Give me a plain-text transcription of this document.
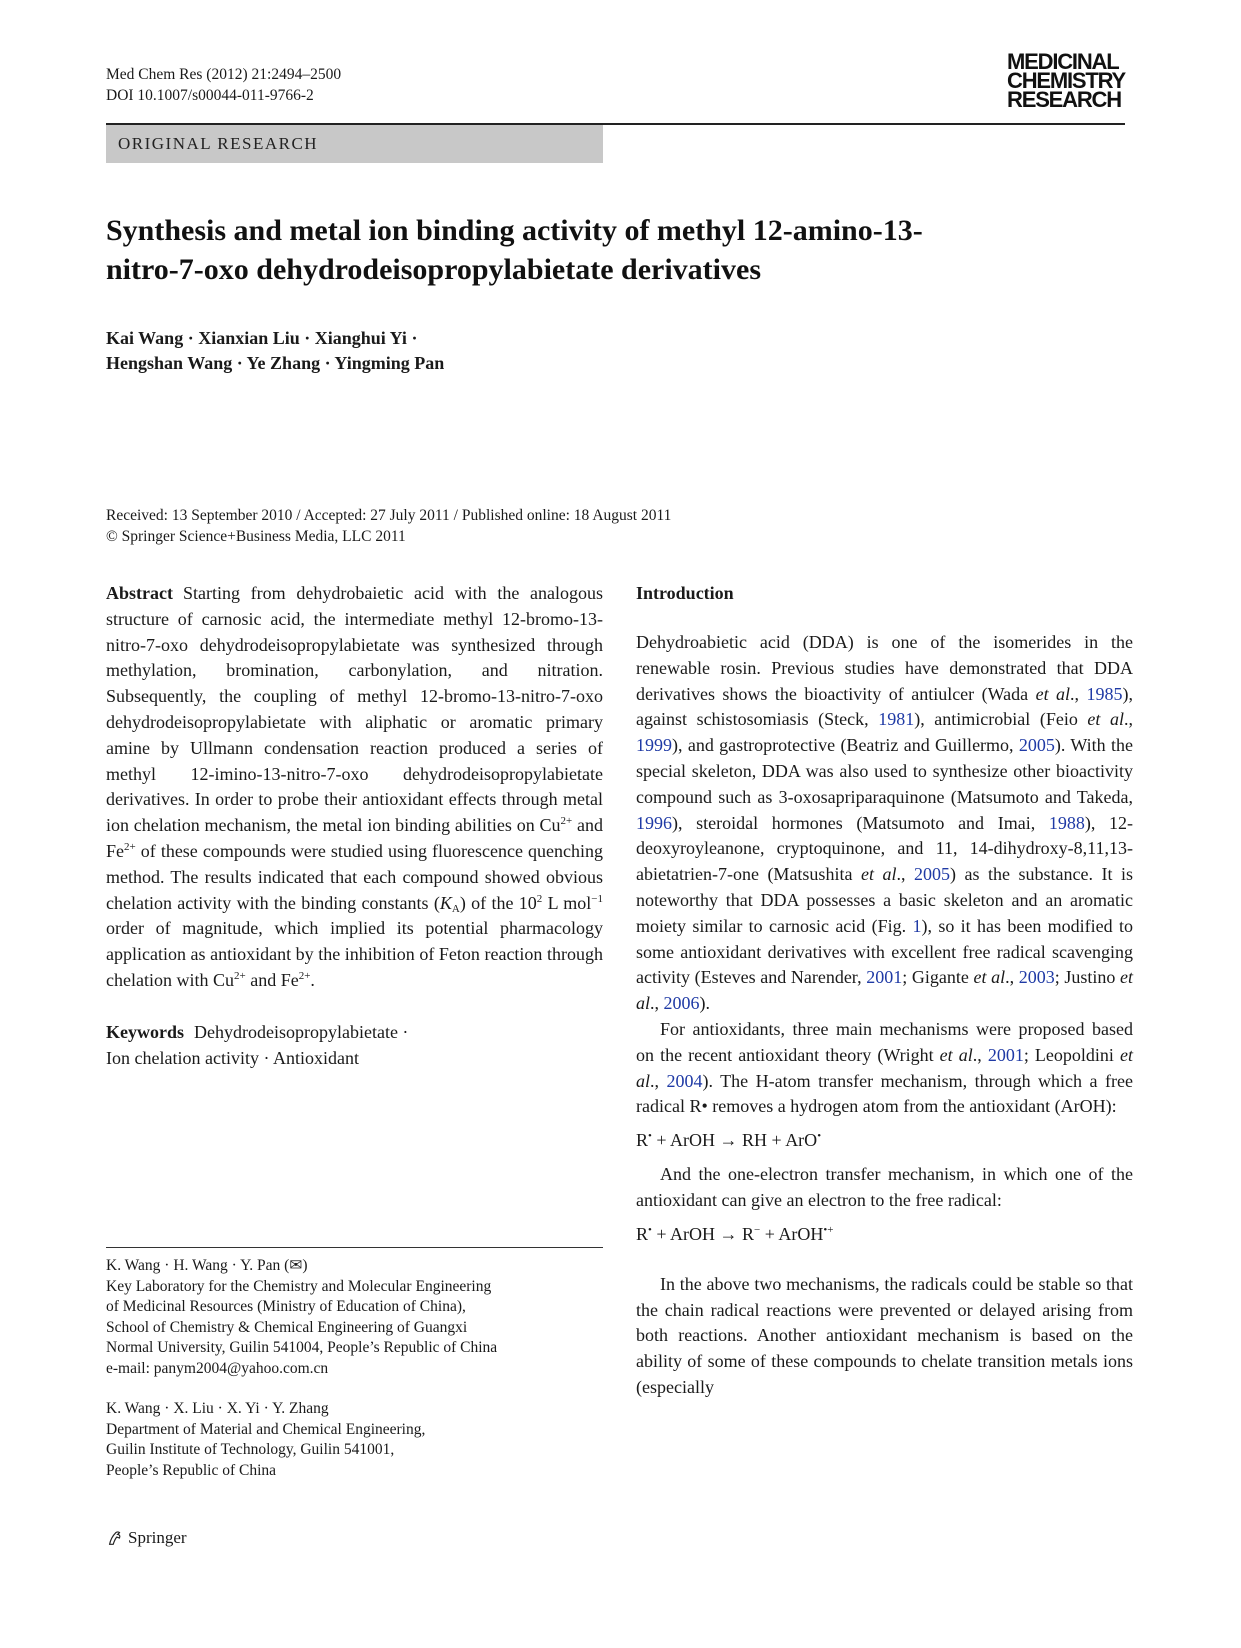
Med Chem Res (2012) 21:2494–2500
DOI 10.1007/s00044-011-9766-2
MEDICINAL
CHEMISTRY
RESEARCH
ORIGINAL RESEARCH
Synthesis and metal ion binding activity of methyl 12-amino-13-
nitro-7-oxo dehydrodeisopropylabietate derivatives
Kai Wang · Xianxian Liu · Xianghui Yi ·
Hengshan Wang · Ye Zhang · Yingming Pan
Received: 13 September 2010 / Accepted: 27 July 2011 / Published online: 18 August 2011
© Springer Science+Business Media, LLC 2011

Abstract Starting from dehydrobaietic acid with the analogous structure of carnosic acid, the intermediate methyl 12-bromo-13-nitro-7-oxo dehydrodeisopropylabietate was synthesized through methylation, bromination, carbonylation, and nitration. Subsequently, the coupling of methyl 12-bromo-13-nitro-7-oxo dehydrodeisopropylabietate with aliphatic or aromatic primary amine by Ullmann condensation reaction produced a series of methyl 12-imino-13-nitro-7-oxo dehydrodeisopropylabietate derivatives. In order to probe their antioxidant effects through metal ion chelation mechanism, the metal ion binding abilities on $Cu^{2+}$ and $Fe^{2+}$ of these compounds were studied using fluorescence quenching method. The results indicated that each compound showed obvious chelation activity with the binding constants $(K_A)$ of the $10^2$ L mol$^{-1}$ order of magnitude, which implied its potential pharmacology application as antioxidant by the inhibition of Feton reaction through chelation with $Cu^{2+}$ and $Fe^{2+}$.

Keywords Dehydrodeisopropylabietate ·
Ion chelation activity · Antioxidant

K. Wang · H. Wang · Y. Pan (✉)
Key Laboratory for the Chemistry and Molecular Engineering
of Medicinal Resources (Ministry of Education of China),
School of Chemistry & Chemical Engineering of Guangxi
Normal University, Guilin 541004, People’s Republic of China
e-mail: panym2004@yahoo.com.cn
K. Wang · X. Liu · X. Yi · Y. Zhang
Department of Material and Chemical Engineering,
Guilin Institute of Technology, Guilin 541001,
People’s Republic of China
Introduction

Dehydroabietic acid (DDA) is one of the isomerides in the renewable rosin. Previous studies have demonstrated that DDA derivatives shows the bioactivity of antiulcer (Wada et al., 1985), against schistosomiasis (Steck, 1981), antimicrobial (Feio et al., 1999), and gastroprotective (Beatriz and Guillermo, 2005). With the special skeleton, DDA was also used to synthesize other bioactivity compound such as 3-oxosapriparaquinone (Matsumoto and Takeda, 1996), steroidal hormones (Matsumoto and Imai, 1988), 12-deoxyroyleanone, cryptoquinone, and 11, 14-dihydroxy-8,11,13-abietatrien-7-one (Matsushita et al., 2005) as the substance. It is noteworthy that DDA possesses a basic skeleton and an aromatic moiety similar to carnosic acid (Fig. 1), so it has been modified to some antioxidant derivatives with excellent free radical scavenging activity (Esteves and Narender, 2001; Gigante et al., 2003; Justino et al., 2006).

For antioxidants, three main mechanisms were proposed based on the recent antioxidant theory (Wright et al., 2001; Leopoldini et al., 2004). The H-atom transfer mechanism, through which a free radical R• removes a hydrogen atom from the antioxidant (ArOH):

R• + ArOH → RH + ArO•

And the one-electron transfer mechanism, in which one of the antioxidant can give an electron to the free radical:

R• + ArOH → R− + ArOH•+

In the above two mechanisms, the radicals could be stable so that the chain radical reactions were prevented or delayed arising from both reactions. Another antioxidant mechanism is based on the ability of some of these compounds to chelate transition metals ions (especially

Springer
